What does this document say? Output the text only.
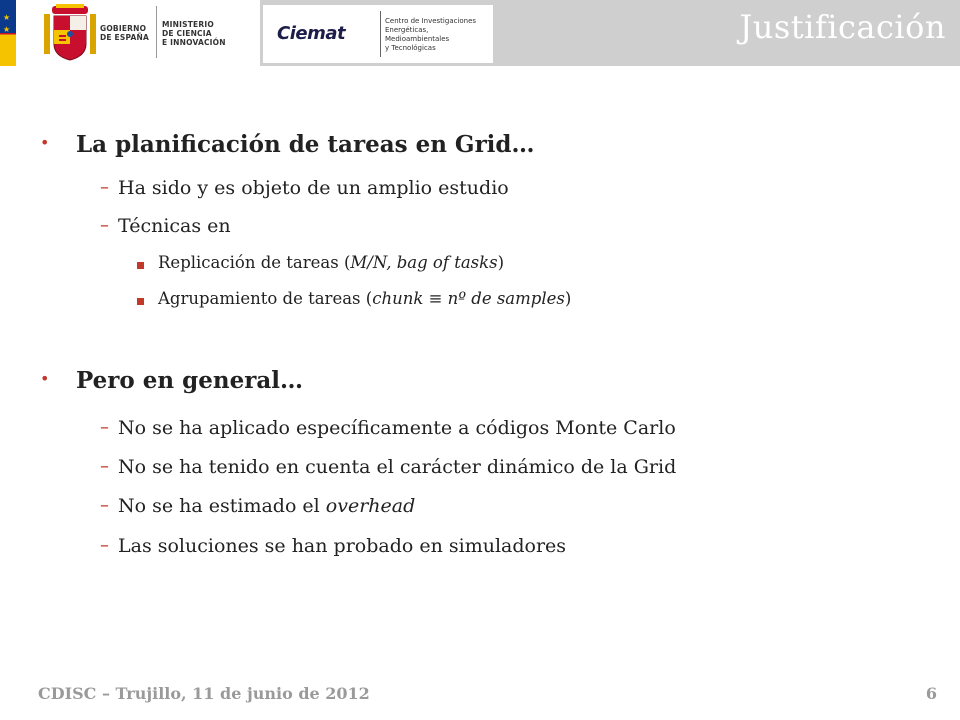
★
★
★
GOBIERNO
DE ESPAÑA
MINISTERIO
DE CIENCIA
E INNOVACIÓN	Ciemat
Centro de Investigaciones
Energéticas, Medioambientales
y Tecnológicas
Justificación
• La planificación de tareas en Grid…
– Ha sido y es objeto de un amplio estudio
– Técnicas en
Replicación de tareas (M/N, bag of tasks)
Agrupamiento de tareas (chunk ≡ nº de samples)
• Pero en general…
– No se ha aplicado específicamente a códigos Monte Carlo
– No se ha tenido en cuenta el carácter dinámico de la Grid
– No se ha estimado el overhead
– Las soluciones se han probado en simuladores
CDISC – Trujillo, 11 de junio de 2012	6
